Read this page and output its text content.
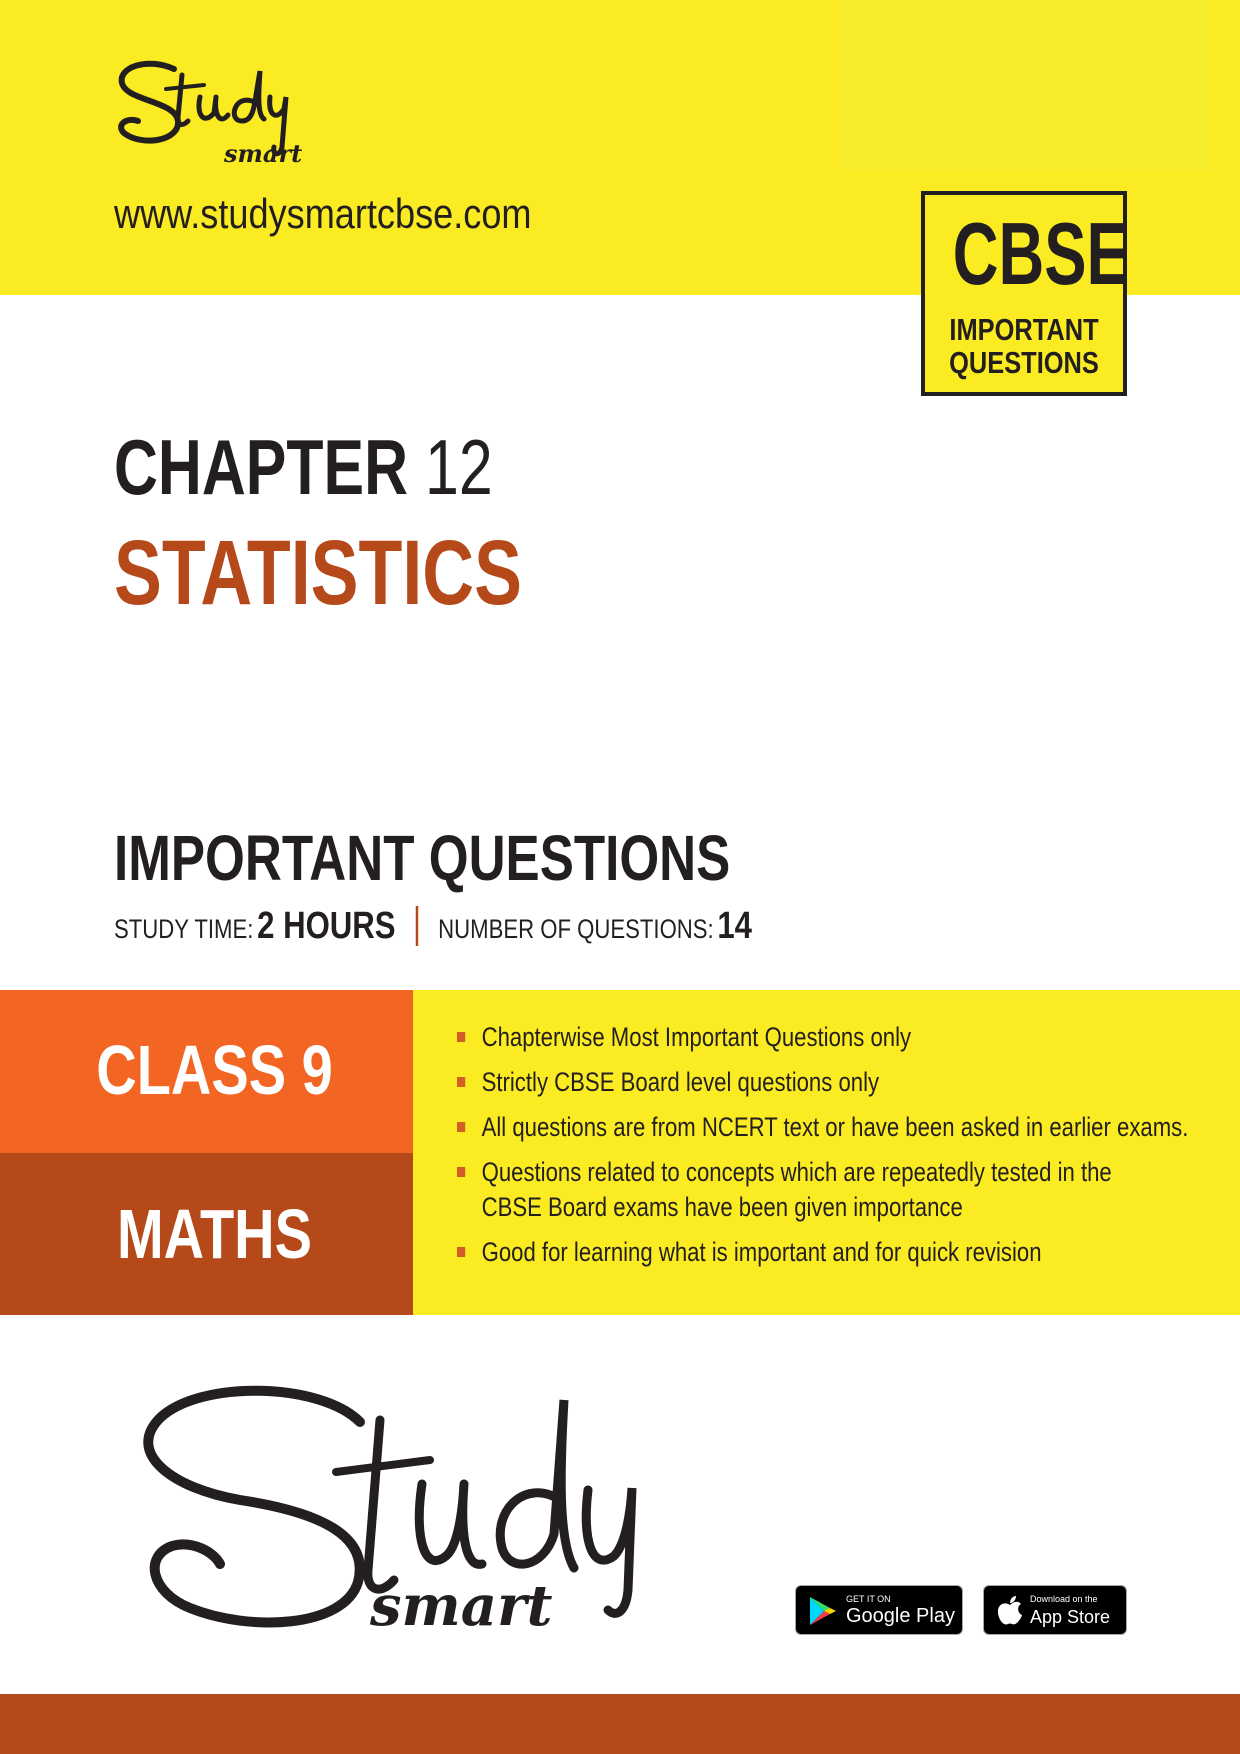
smart
www.studysmartcbse.com	CBSE
IMPORTANT
QUESTIONS
CHAPTER 12
STATISTICS
IMPORTANT QUESTIONS
STUDY TIME: 2 HOURS NUMBER OF QUESTIONS: 14
CLASS 9
MATHS
Chapterwise Most Important Questions only
Strictly CBSE Board level questions only
All questions are from NCERT text or have been asked in earlier exams.
Questions related to concepts which are repeatedly tested in the
CBSE Board exams have been given importance
Good for learning what is important and for quick revision
smart	GET IT ON
Google Play
Download on the
App Store
